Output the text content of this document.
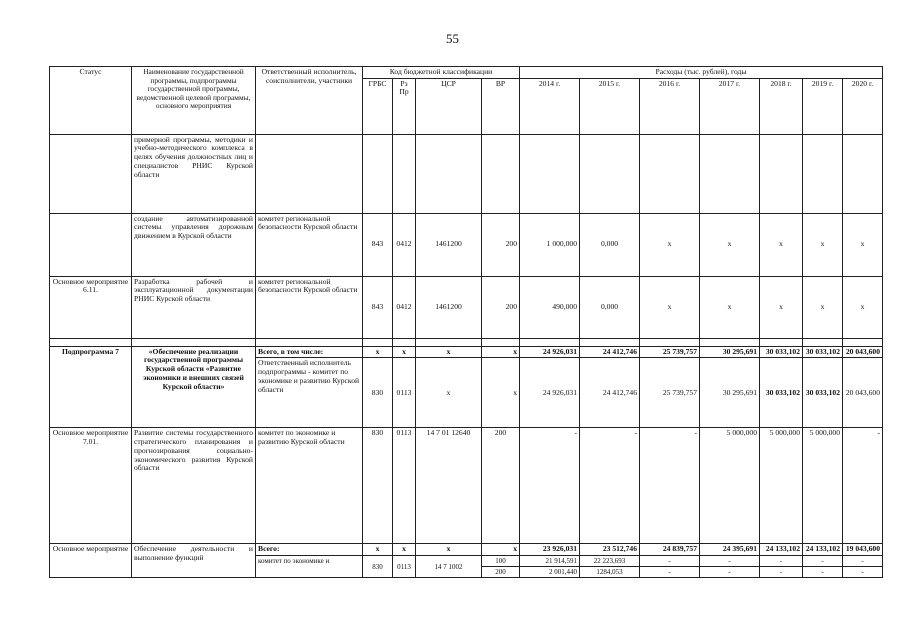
55
Статус	Наименование государственной программы, подпрограммы государственной программы, ведомственной целевой программы, основного мероприятия	Ответственный исполнитель, соисполнители, участники	Код бюджетной классификации				Расходы (тыс. рублей), годы						
			ГРБС	Рз Пр	ЦСР	ВР	2014 г.	2015 г.	2016 г.	2017 г.	2018 г.	2019 г.	2020 г.
	примерной программы, методики и учебно-методического комплекса в целях обучения должностных лиц и специалистов РНИС Курской области												
	создание автоматизированной системы управления дорожным движением в Курской области	комитет региональной безопасности Курской области	843	0412	1461200	200	1 000,000	0,000	x	x	x	x	x
Основное мероприятие 6.11.	Разработка рабочей и эксплуатационной документации РНИС Курской области	комитет региональной безопасности Курской области	843	0412	1461200	200	490,000	0,000	x	x	x	x	x

Подпрограмма 7	«Обеспечение реализации государственной программы Курской области «Развитие экономики и внешних связей Курской области»	Всего, в том числе:	x	x	x	x	24 926,031	24 412,746	25 739,757	30 295,691	30 033,102	30 033,102	20 043,600
		Ответственный исполнитель подпрограммы - комитет по экономике и развитию Курской области	830	0113	x	x	24 926,031	24 412,746	25 739,757	30 295,691	30 033,102	30 033,102	20 043,600
Основное мероприятие 7.01.	Развитие системы государственного стратегического планирования и прогнозирования социально-экономического развития Курской области	комитет по экономике и развитию Курской области	830	0113	14 7 01 12640	200	-	-	-	5 000,000	5 000,000	5 000,000	-
Основное мероприятие	Обеспечение деятельности и выполнение функций	Всего:	x	x	x	x	23 926,031	23 512,746	24 839,757	24 395,691	24 133,102	24 133,102	19 043,600
		комитет по экономике и	830	0113	14 7 1002	100	21 914,591	22 223,693	-	-	-	-	-
						200	2 001,440	1284,053	-	-	-	-	-
